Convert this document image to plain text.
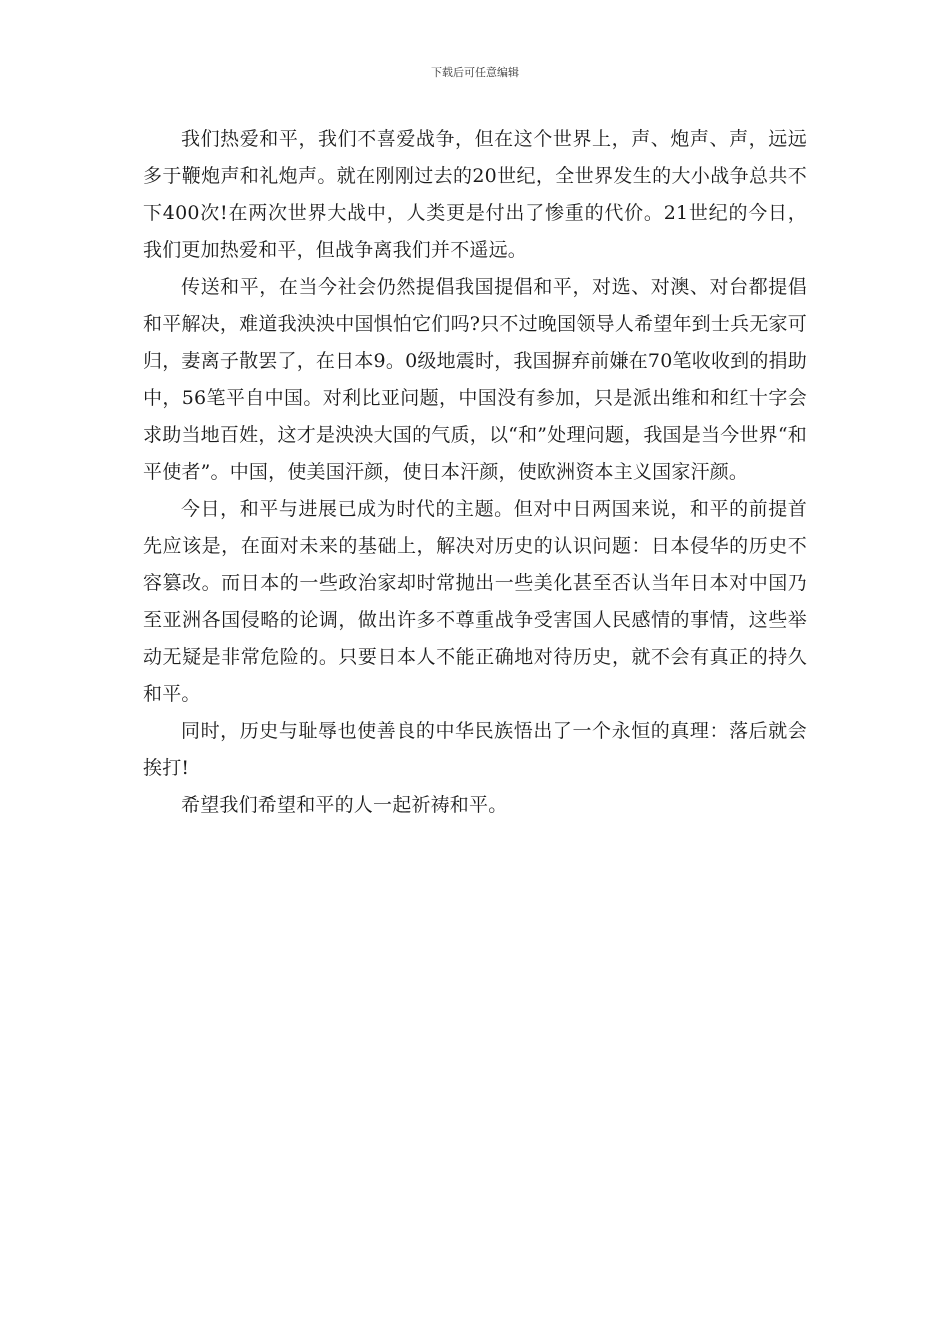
下载后可任意编辑

我们热爱和平，我们不喜爱战争，但在这个世界上，声、炮声、声，远远多于鞭炮声和礼炮声。就在刚刚过去的20世纪，全世界发生的大小战争总共不下400次!在两次世界大战中，人类更是付出了惨重的代价。21世纪的今日，我们更加热爱和平，但战争离我们并不遥远。

传送和平，在当今社会仍然提倡我国提倡和平，对选、对澳、对台都提倡和平解决，难道我泱泱中国惧怕它们吗?只不过晚国领导人希望年到士兵无家可归，妻离子散罢了，在日本9。0级地震时，我国摒弃前嫌在70笔收收到的捐助中，56笔平自中国。对利比亚问题，中国没有参加，只是派出维和和红十字会求助当地百姓，这才是泱泱大国的气质，以“和”处理问题，我国是当今世界“和平使者”。中国，使美国汗颜，使日本汗颜，使欧洲资本主义国家汗颜。

今日，和平与进展已成为时代的主题。但对中日两国来说，和平的前提首先应该是，在面对未来的基础上，解决对历史的认识问题：日本侵华的历史不容篡改。而日本的一些政治家却时常抛出一些美化甚至否认当年日本对中国乃至亚洲各国侵略的论调，做出许多不尊重战争受害国人民感情的事情，这些举动无疑是非常危险的。只要日本人不能正确地对待历史，就不会有真正的持久和平。

同时，历史与耻辱也使善良的中华民族悟出了一个永恒的真理：落后就会挨打!

希望我们希望和平的人一起祈祷和平。
